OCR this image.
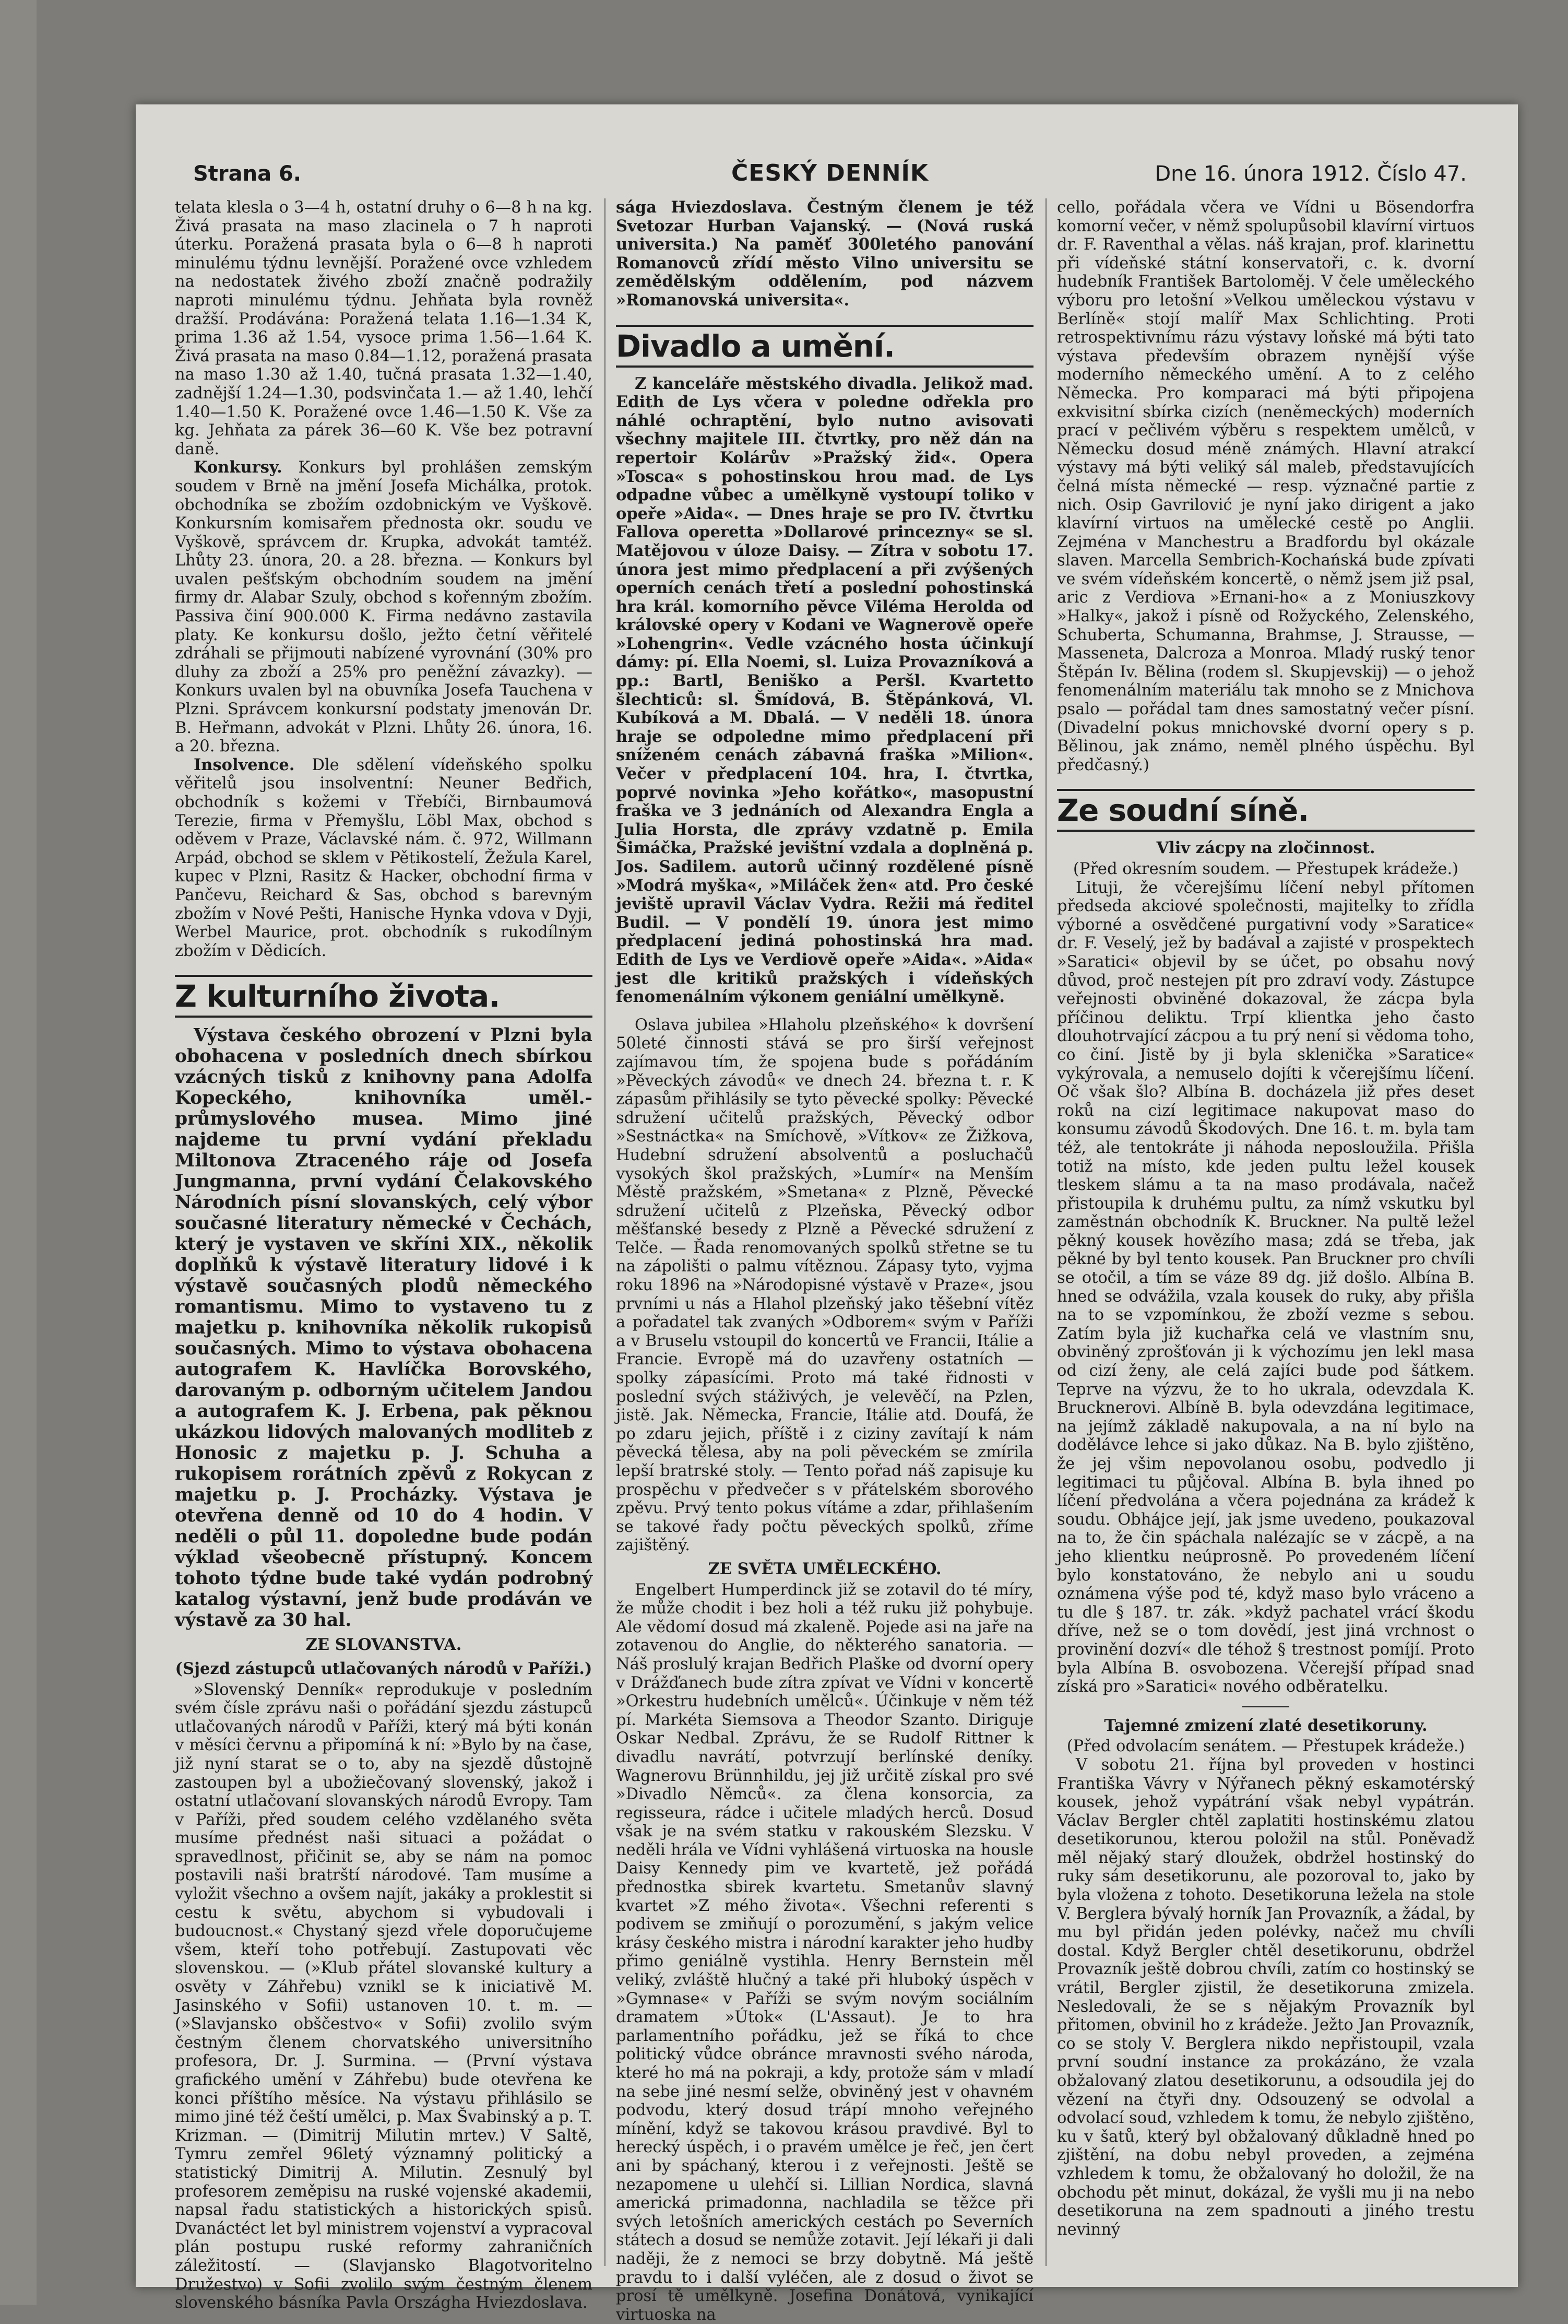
Strana 6.	ČESKÝ DENNÍK	Dne 16. února 1912. Číslo 47.

telata klesla o 3—4 h, ostatní druhy o 6—8 h na kg. Živá prasata na maso zlacinela o 7 h naproti úterku. Poražená prasata byla o 6—8 h naproti minulému týdnu levnější. Poražené ovce vzhledem na nedostatek živého zboží značně podražily naproti minulému týdnu. Jehňata byla rovněž dražší. Prodávána: Poražená telata 1.16—1.34 K, prima 1.36 až 1.54, vysoce prima 1.56—1.64 K. Živá prasata na maso 0.84—1.12, poražená prasata na maso 1.30 až 1.40, tučná prasata 1.32—1.40, zadnější 1.24—1.30, podsvinčata 1.— až 1.40, lehčí 1.40—1.50 K. Poražené ovce 1.46—1.50 K. Vše za kg. Jehňata za párek 36—60 K. Vše bez potravní daně.

Konkursy. Konkurs byl prohlášen zemským soudem v Brně na jmění Josefa Michálka, protok. obchodníka se zbožím ozdobnickým ve Vyškově. Konkursním komisařem přednosta okr. soudu ve Vyškově, správcem dr. Krupka, advokát tamtéž. Lhůty 23. února, 20. a 28. března. — Konkurs byl uvalen pešťským obchodním soudem na jmění firmy dr. Alabar Szuly, obchod s kořenným zbožím. Passiva činí 900.000 K. Firma nedávno zastavila platy. Ke konkursu došlo, ježto četní věřitelé zdráhali se přijmouti nabízené vyrovnání (30% pro dluhy za zboží a 25% pro peněžní závazky). — Konkurs uvalen byl na obuvníka Josefa Tauchena v Plzni. Správcem konkursní podstaty jmenován Dr. B. Heřmann, advokát v Plzni. Lhůty 26. února, 16. a 20. března.

Insolvence. Dle sdělení vídeňského spolku věřitelů jsou insolventní: Neuner Bedřich, obchodník s kožemi v Třebíči, Birnbaumová Terezie, firma v Přemyšlu, Löbl Max, obchod s oděvem v Praze, Václavské nám. č. 972, Willmann Arpád, obchod se sklem v Pětikostelí, Žežula Karel, kupec v Plzni, Rasitz & Hacker, obchodní firma v Pančevu, Reichard & Sas, obchod s barevným zbožím v Nové Pešti, Hanische Hynka vdova v Dyji, Werbel Maurice, prot. obchodník s rukodílným zbožím v Dědicích.

Z kulturního života.

Výstava českého obrození v Plzni byla obohacena v posledních dnech sbírkou vzácných tisků z knihovny pana Adolfa Kopeckého, knihovníka uměl.-průmyslového musea. Mimo jiné najdeme tu první vydání překladu Miltonova Ztraceného ráje od Josefa Jungmanna, první vydání Čelakovského Národních písní slovanských, celý výbor současné literatury německé v Čechách, který je vystaven ve skříni XIX., několik doplňků k výstavě literatury lidové i k výstavě současných plodů německého romantismu. Mimo to vystaveno tu z majetku p. knihovníka několik rukopisů současných. Mimo to výstava obohacena autografem K. Havlíčka Borovského, darovaným p. odborným učitelem Jandou a autografem K. J. Erbena, pak pěknou ukázkou lidových malovaných modliteb z Honosic z majetku p. J. Schuha a rukopisem rorátních zpěvů z Rokycan z majetku p. J. Procházky. Výstava je otevřena denně od 10 do 4 hodin. V neděli o půl 11. dopoledne bude podán výklad všeobecně přístupný. Koncem tohoto týdne bude také vydán podrobný katalog výstavní, jenž bude prodáván ve výstavě za 30 hal.

ZE SLOVANSTVA.

(Sjezd zástupců utlačovaných národů v Paříži.)

»Slovenský Denník« reprodukuje v posledním svém čísle zprávu naši o pořádání sjezdu zástupců utlačovaných národů v Paříži, který má býti konán v měsíci červnu a připomíná k ní: »Bylo by na čase, již nyní starat se o to, aby na sjezdě důstojně zastoupen byl a ubožiečovaný slovenský, jakož i ostatní utlačovaní slovanských národů Evropy. Tam v Paříži, před soudem celého vzdělaného světa musíme přednést naši situaci a požádat o spravedlnost, přičinit se, aby se nám na pomoc postavili naši bratrští národové. Tam musíme a vyložit všechno a ovšem najít, jakáky a proklestit si cestu k světu, abychom si vybudovali i budoucnost.« Chystaný sjezd vřele doporučujeme všem, kteří toho potřebují. Zastupovati věc slovenskou. — (»Klub přátel slovanské kultury a osvěty v Záhřebu) vznikl se k iniciativě M. Jasinského v Sofii) ustanoven 10. t. m. — (»Slavjansko obščestvo« v Sofii) zvolilo svým čestným členem chorvatského universitního profesora, Dr. J. Surmina. — (První výstava grafického umění v Záhřebu) bude otevřena ke konci příštího měsíce. Na výstavu přihlásilo se mimo jiné též čeští umělci, p. Max Švabinský a p. T. Krizman. — (Dimitrij Milutin mrtev.) V Saltě, Tymru zemřel 96letý významný politický a statistický Dimitrij A. Milutin. Zesnulý byl profesorem zeměpisu na ruské vojenské akademii, napsal řadu statistických a historických spisů. Dvanáctéct let byl ministrem vojenství a vypracoval plán postupu ruské reformy zahraničních záležitostí. — (Slavjansko Blagotvoritelno Družestvo) v Sofii zvolilo svým čestným členem slovenského básníka Pavla Országha Hviezdoslava.

sága Hviezdoslava. Čestným členem je též Svetozar Hurban Vajanský. — (Nová ruská universita.) Na paměť 300letého panování Romanovců zřídí město Vilno universitu se zemědělským oddělením, pod názvem »Romanovská universita«.

Divadlo a umění.

Z kanceláře městského divadla. Jelikož mad. Edith de Lys včera v poledne odřekla pro náhlé ochraptění, bylo nutno avisovati všechny majitele III. čtvrtky, pro něž dán na repertoir Kolárův »Pražský žid«. Opera »Tosca« s pohostinskou hrou mad. de Lys odpadne vůbec a umělkyně vystoupí toliko v opeře »Aida«. — Dnes hraje se pro IV. čtvrtku Fallova operetta »Dollarové princezny« se sl. Matějovou v úloze Daisy. — Zítra v sobotu 17. února jest mimo předplacení a při zvýšených operních cenách třetí a poslední pohostinská hra král. komorního pěvce Viléma Herolda od královské opery v Kodani ve Wagnerově opeře »Lohengrin«. Vedle vzácného hosta účinkují dámy: pí. Ella Noemi, sl. Luiza Provazníková a pp.: Bartl, Beniško a Peršl. Kvartetto šlechticů: sl. Šmídová, B. Štěpánková, Vl. Kubíková a M. Dbalá. — V neděli 18. února hraje se odpoledne mimo předplacení při sníženém cenách zábavná fraška »Milion«. Večer v předplacení 104. hra, I. čtvrtka, poprvé novinka »Jeho kořátko«, masopustní fraška ve 3 jednáních od Alexandra Engla a Julia Horsta, dle zprávy vzdatně p. Emila Šimáčka, Pražské jevištní vzdala a doplněná p. Jos. Sadilem. autorů učinný rozdělené písně »Modrá myška«, »Miláček žen« atd. Pro české jeviště upravil Václav Vydra. Režii má ředitel Budil. — V pondělí 19. února jest mimo předplacení jediná pohostinská hra mad. Edith de Lys ve Verdiově opeře »Aida«. »Aida« jest dle kritiků pražských i vídeňských fenomenálním výkonem geniální umělkyně.

Oslava jubilea »Hlaholu plzeňského« k dovršení 50leté činnosti stává se pro širší veřejnost zajímavou tím, že spojena bude s pořádáním »Pěveckých závodů« ve dnech 24. března t. r. K zápasům přihlásily se tyto pěvecké spolky: Pěvecké sdružení učitelů pražských, Pěvecký odbor »Sestnáctka« na Smíchově, »Vítkov« ze Žižkova, Hudební sdružení absolventů a posluchačů vysokých škol pražských, »Lumír« na Menším Městě pražském, »Smetana« z Plzně, Pěvecké sdružení učitelů z Plzeňska, Pěvecký odbor měšťanské besedy z Plzně a Pěvecké sdružení z Telče. — Řada renomovaných spolků střetne se tu na zápolišti o palmu vítěznou. Zápasy tyto, vyjma roku 1896 na »Národopisné výstavě v Praze«, jsou prvními u nás a Hlahol plzeňský jako těšební vítěz a pořadatel tak zvaných »Odborem« svým v Paříži a v Bruselu vstoupil do koncertů ve Francii, Itálie a Francie. Evropě má do uzavřeny ostatních — spolky zápasícími. Proto má také řidnosti v poslední svých stáživých, je velevěčí, na Pzlen, jistě. Jak. Německa, Francie, Itálie atd. Doufá, že po zdaru jejich, příště i z ciziny zavítají k nám pěvecká tělesa, aby na poli pěveckém se zmírila lepší bratrské stoly. — Tento pořad náš zapisuje ku prospěchu v předvečer s v přátelském sborového zpěvu. Prvý tento pokus vítáme a zdar, přihlašením se takové řady počtu pěveckých spolků, zříme zajištěný.

ZE SVĚTA UMĚLECKÉHO.

Engelbert Humperdinck již se zotavil do té míry, že může chodit i bez holi a též ruku již pohybuje. Ale vědomí dosud má zkaleně. Pojede asi na jaře na zotavenou do Anglie, do některého sanatoria. — Náš proslulý krajan Bedřich Plaške od dvorní opery v Drážďanech bude zítra zpívat ve Vídni v koncertě »Orkestru hudebních umělců«. Účinkuje v něm též pí. Markéta Siemsova a Theodor Szanto. Diriguje Oskar Nedbal. Zprávu, že se Rudolf Rittner k divadlu navrátí, potvrzují berlínské deníky. Wagnerovu Brünnhildu, jej již určitě získal pro své »Divadlo Němců«. za člena konsorcia, za regisseura, rádce i učitele mladých herců. Dosud však je na svém statku v rakouském Slezsku. V neděli hrála ve Vídni vyhlášená virtuoska na housle Daisy Kennedy pim ve kvartetě, jež pořádá přednostka sbirek kvartetu. Smetanův slavný kvartet »Z mého života«. Všechni referenti s podivem se zmiňují o porozumění, s jakým velice krásy českého mistra i národní karakter jeho hudby přimo geniálně vystihla. Henry Bernstein měl veliký, zvláště hlučný a také při hluboký úspěch v »Gymnase« v Paříži se svým novým sociálním dramatem »Útok« (L'Assaut). Je to hra parlamentního pořádku, jež se říká to chce politický vůdce obránce mravnosti svého národa, které ho má na pokraji, a kdy, protože sám v mladí na sebe jiné nesmí selže, obviněný jest v ohavném podvodu, který dosud trápí mnoho veřejného mínění, když se takovou krásou pravdivé. Byl to herecký úspěch, i o pravém umělce je řeč, jen čert ani by spáchaný, kterou i z veřejnosti. Ještě se nezapomene u ulehčí si. Lillian Nordica, slavná americká primadonna, nachladila se těžce při svých letošních amerických cestách po Severních státech a dosud se nemůže zotavit. Její lékaři ji dali naději, že z nemoci se brzy dobytně. Má ještě pravdu to i další vyléčen, ale z dosud o život se prosí tě umělkyně. Josefina Donátová, vynikající virtuoska na

cello, pořádala včera ve Vídni u Bösendorfra komorní večer, v němž spolupůsobil klavírní virtuos dr. F. Raventhal a vělas. náš krajan, prof. klarinettu při vídeňské státní konservatoři, c. k. dvorní hudebník František Bartoloměj. V čele uměleckého výboru pro letošní »Velkou uměleckou výstavu v Berlíně« stojí malíř Max Schlichting. Proti retrospektivnímu rázu výstavy loňské má býti tato výstava především obrazem nynější výše moderního německého umění. A to z celého Německa. Pro komparaci má býti připojena exkvisitní sbírka cizích (neněmeckých) moderních prací v pečlivém výběru s respektem umělců, v Německu dosud méně známých. Hlavní atrakcí výstavy má býti veliký sál maleb, představujících čelná místa německé — resp. význačné partie z nich. Osip Gavrilović je nyní jako dirigent a jako klavírní virtuos na umělecké cestě po Anglii. Zejména v Manchestru a Bradfordu byl okázale slaven. Marcella Sembrich-Kochańská bude zpívati ve svém vídeňském koncertě, o němž jsem již psal, aric z Verdiova »Ernani-ho« a z Moniuszkovy »Halky«, jakož i písně od Rožyckého, Zelenského, Schuberta, Schumanna, Brahmse, J. Strausse, — Masseneta, Dalcroza a Monroa. Mladý ruský tenor Štěpán Iv. Bělina (rodem sl. Skupjevskij) — o jehož fenomenálním materiálu tak mnoho se z Mnichova psalo — pořádal tam dnes samostatný večer písní. (Divadelní pokus mnichovské dvorní opery s p. Bělinou, jak známo, neměl plného úspěchu. Byl předčasný.)

Ze soudní síně.

Vliv zácpy na zločinnost.

(Před okresním soudem. — Přestupek krádeže.)

Lituji, že včerejšímu líčení nebyl přítomen předseda akciové společnosti, majitelky to zřídla výborné a osvědčené purgativní vody »Saratice« dr. F. Veselý, jež by badával a zajisté v prospektech »Saratici« objevil by se účet, po obsahu nový důvod, proč nestejen pít pro zdraví vody. Zástupce veřejnosti obviněné dokazoval, že zácpa byla příčinou deliktu. Trpí klientka jeho často dlouhotrvající zácpou a tu prý není si vědoma toho, co činí. Jistě by ji byla sklenička »Saratice« vykýrovala, a nemuselo dojíti k včerejšímu líčení. Oč však šlo? Albína B. docházela již přes deset roků na cizí legitimace nakupovat maso do konsumu závodů Škodových. Dne 16. t. m. byla tam též, ale tentokráte ji náhoda neposloužila. Přišla totiž na místo, kde jeden pultu ležel kousek tleskem slámu a ta na maso prodávala, načež přistoupila k druhému pultu, za nímž vskutku byl zaměstnán obchodník K. Bruckner. Na pultě ležel pěkný kousek hovězího masa; zdá se třeba, jak pěkné by byl tento kousek. Pan Bruckner pro chvíli se otočil, a tím se váze 89 dg. již došlo. Albína B. hned se odvážila, vzala kousek do ruky, aby přišla na to se vzpomínkou, že zboží vezme s sebou. Zatím byla již kuchařka celá ve vlastním snu, obviněný zprošťován ji k výchozímu jen lekl masa od cizí ženy, ale celá zajíci bude pod šátkem. Teprve na výzvu, že to ho ukrala, odevzdala K. Brucknerovi. Albíně B. byla odevzdána legitimace, na jejímž základě nakupovala, a na ní bylo na dodělávce lehce si jako důkaz. Na B. bylo zjištěno, že jej všim nepovolanou osobu, podvedlo ji legitimaci tu půjčoval. Albína B. byla ihned po líčení předvolána a včera pojednána za krádež k soudu. Obhájce její, jak jsme uvedeno, poukazoval na to, že čin spáchala nalézajíc se v zácpě, a na jeho klientku neúprosně. Po provedeném líčení bylo konstatováno, že nebylo ani u soudu oznámena výše pod té, když maso bylo vráceno a tu dle § 187. tr. zák. »když pachatel vrácí škodu dříve, než se o tom dovědí, jest jiná vrchnost o provinění dozví« dle téhož § trestnost pomíjí. Proto byla Albína B. osvobozena. Včerejší případ snad získá pro »Saratici« nového odběratelku.

Tajemné zmizení zlaté desetikoruny.

(Před odvolacím senátem. — Přestupek krádeže.)

V sobotu 21. října byl proveden v hostinci Františka Vávry v Nýřanech pěkný eskamotérský kousek, jehož vypátrání však nebyl vypátrán. Václav Bergler chtěl zaplatiti hostinskému zlatou desetikorunou, kterou položil na stůl. Poněvadž měl nějaký starý dloužek, obdržel hostinský do ruky sám desetikorunu, ale pozoroval to, jako by byla vložena z tohoto. Desetikoruna ležela na stole V. Berglera bývalý horník Jan Provazník, a žádal, by mu byl přidán jeden polévky, načež mu chvíli dostal. Když Bergler chtěl desetikorunu, obdržel Provazník ještě dobrou chvíli, zatím co hostinský se vrátil, Bergler zjistil, že desetikoruna zmizela. Nesledovali, že se s nějakým Provazník byl přitomen, obvinil ho z krádeže. Ježto Jan Provazník, co se stoly V. Berglera nikdo nepřistoupil, vzala první soudní instance za prokázáno, že vzala obžalovaný zlatou desetikorunu, a odsoudila jej do vězení na čtyři dny. Odsouzený se odvolal a odvolací soud, vzhledem k tomu, že nebylo zjištěno, ku v šatů, který byl obžalovaný důkladně hned po zjištění, na dobu nebyl proveden, a zejména vzhledem k tomu, že obžalovaný ho doložil, že na obchodu pět minut, dokázal, že vyšli mu ji na nebo desetikoruna na zem spadnouti a jiného trestu nevinný
